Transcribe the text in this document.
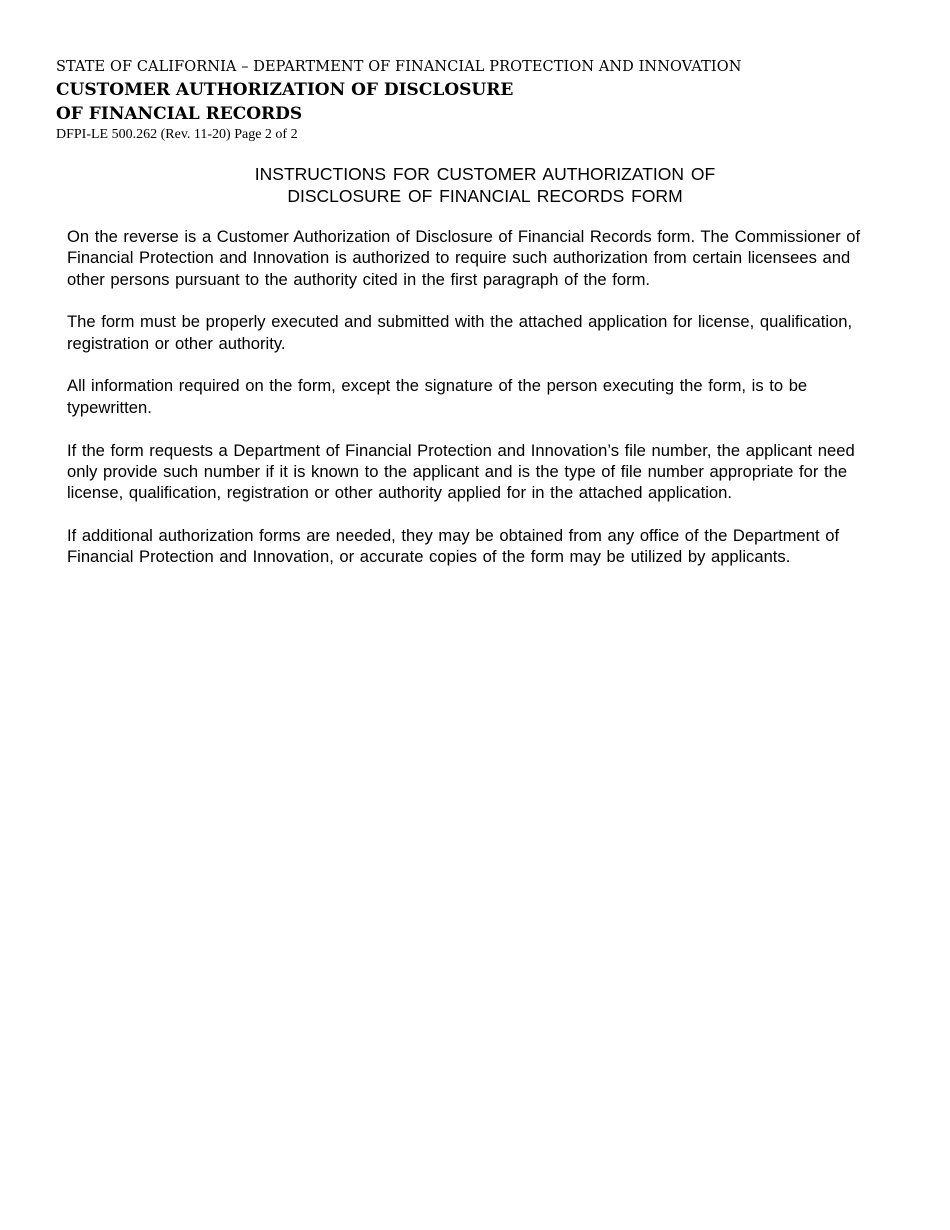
STATE OF CALIFORNIA – DEPARTMENT OF FINANCIAL PROTECTION AND INNOVATION
CUSTOMER AUTHORIZATION OF DISCLOSURE
OF FINANCIAL RECORDS
DFPI-LE 500.262 (Rev. 11-20) Page 2 of 2
INSTRUCTIONS FOR CUSTOMER AUTHORIZATION OF
DISCLOSURE OF FINANCIAL RECORDS FORM

On the reverse is a Customer Authorization of Disclosure of Financial Records form. The Commissioner of Financial Protection and Innovation is authorized to require such authorization from certain licensees and other persons pursuant to the authority cited in the first paragraph of the form.

The form must be properly executed and submitted with the attached application for license, qualification, registration or other authority.

All information required on the form, except the signature of the person executing the form, is to be typewritten.

If the form requests a Department of Financial Protection and Innovation’s file number, the applicant need only provide such number if it is known to the applicant and is the type of file number appropriate for the license, qualification, registration or other authority applied for in the attached application.

If additional authorization forms are needed, they may be obtained from any office of the Department of Financial Protection and Innovation, or accurate copies of the form may be utilized by applicants.
